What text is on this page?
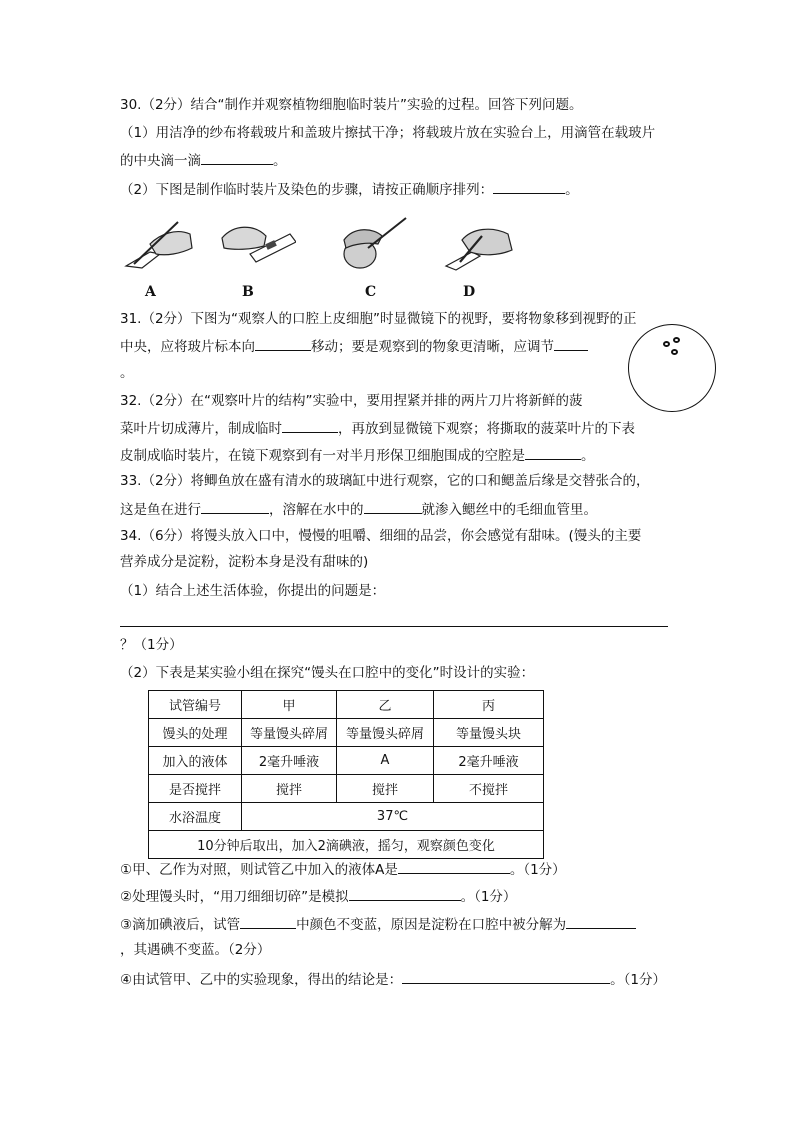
30.（2分）结合“制作并观察植物细胞临时装片”实验的过程。回答下列问题。
（1）用洁净的纱布将载玻片和盖玻片擦拭干净；将载玻片放在实验台上，用滴管在载玻片
的中央滴一滴	。
（2）下图是制作临时装片及染色的步骤，请按正确顺序排列：	。
A	B	C	D
31.（2分）下图为“观察人的口腔上皮细胞”时显微镜下的视野，要将物象移到视野的正
中央，应将玻片标本向	移动；要是观察到的物象更清晰，应调节
。
32.（2分）在“观察叶片的结构”实验中，要用捏紧并排的两片刀片将新鲜的菠
菜叶片切成薄片，制成临时	，再放到显微镜下观察；将撕取的菠菜叶片的下表
皮制成临时装片，在镜下观察到有一对半月形保卫细胞围成的空腔是	。
33.（2分）将鲫鱼放在盛有清水的玻璃缸中进行观察，它的口和鳃盖后缘是交替张合的，
这是鱼在进行	，溶解在水中的	就渗入鳃丝中的毛细血管里。
34.（6分）将馒头放入口中，慢慢的咀嚼、细细的品尝，你会感觉有甜味。(馒头的主要
营养成分是淀粉，淀粉本身是没有甜味的)
（1）结合上述生活体验，你提出的问题是：
？（1分）
（2）下表是某实验小组在探究“馒头在口腔中的变化”时设计的实验：
试管编号	甲	乙	丙
馒头的处理	等量馒头碎屑	等量馒头碎屑	等量馒头块
加入的液体	2毫升唾液	A	2毫升唾液
是否搅拌	搅拌	搅拌	不搅拌
水浴温度	37℃		
10分钟后取出，加入2滴碘液，摇匀，观察颜色变化			
①甲、乙作为对照，则试管乙中加入的液体A是	。（1分）
②处理馒头时，“用刀细细切碎”是模拟	。（1分）
③滴加碘液后，试管	中颜色不变蓝，原因是淀粉在口腔中被分解为
，其遇碘不变蓝。（2分）
④由试管甲、乙中的实验现象，得出的结论是：	。（1分）
